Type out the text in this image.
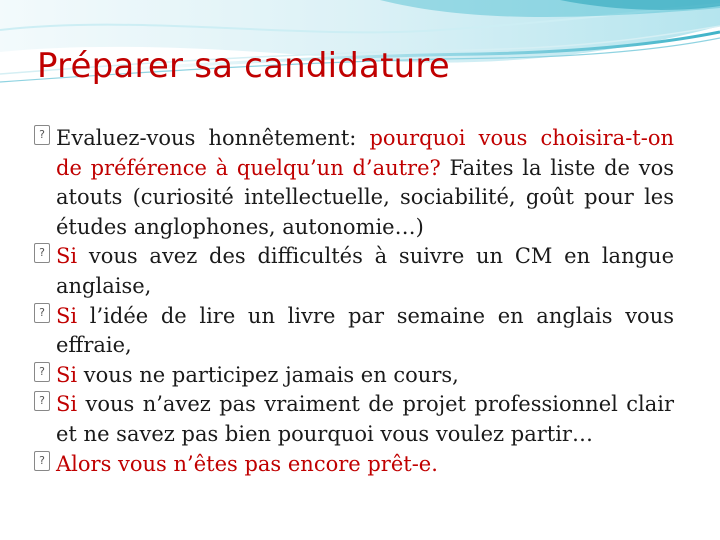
Préparer sa candidature

?
Evaluez-vous honnêtement: pourquoi vous choisira-t-on de préférence à quelqu’un d’autre? Faites la liste de vos atouts (curiosité intellectuelle, sociabilité, goût pour les études anglophones, autonomie…)

?
Si vous avez des difficultés à suivre un CM en langue anglaise,

?
Si l’idée de lire un livre par semaine en anglais vous effraie,

?
Si vous ne participez jamais en cours,

?
Si vous n’avez pas vraiment de projet professionnel clair et ne savez pas bien pourquoi vous voulez partir…

?
Alors vous n’êtes pas encore prêt-e.
